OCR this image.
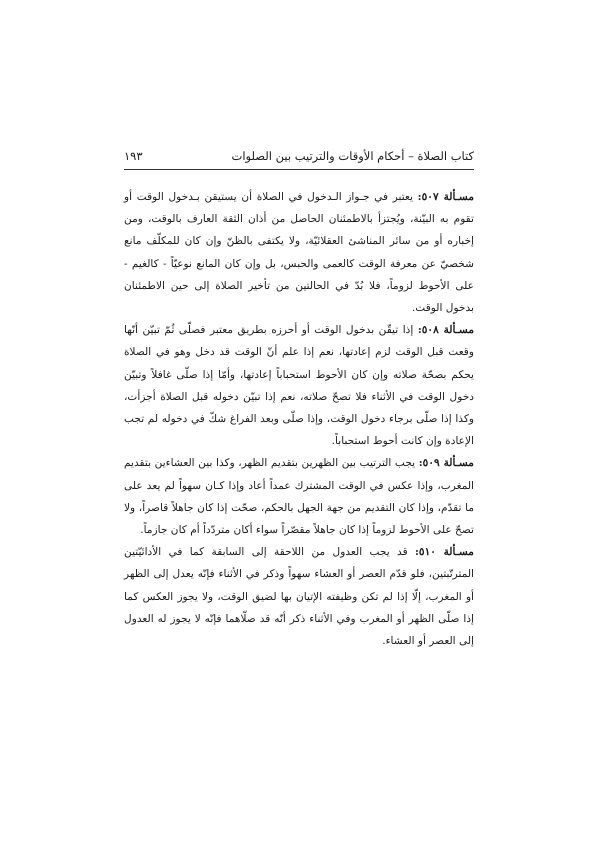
كتاب الصلاة – أحكام الأوقات والترتيب بين الصلوات
١٩٣

مسـألة ٥٠٧: يعتبر في جـواز الـدخول في الصلاة أن يستيقن بـدخول الوقت أو تقوم به البيّنة، ويُجتزأ بالاطمئنان الحاصل من أذان الثقة العارف بالوقت، ومن إخباره أو من سائر المناشئ العقلائيّة، ولا يكتفى بالظنّ وإن كان للمكلّف مانع شخصيّ عن معرفة الوقت كالعمى والحبس، بل وإن كان المانع نوعيّاً - كالغيم - على الأحوط لزوماً، فلا بُدّ في الحالتين من تأخير الصلاة إلى حين الاطمئنان بدخول الوقت.

مسـألة ٥٠٨: إذا تيقّن بدخول الوقت أو أحرزه بطريق معتبر فصلّى ثُمّ تبيّن أنّها وقعت قبل الوقت لزم إعادتها، نعم إذا علم أنّ الوقت قد دخل وهو في الصلاة يحكم بصحّة صلاته وإن كان الأحوط استحباباً إعادتها، وأمّا إذا صلّى غافلاً وتبيّن دخول الوقت في الأثناء فلا تصحّ صلاته، نعم إذا تبيّن دخوله قبل الصلاة أجزأت، وكذا إذا صلّى برجاء دخول الوقت، وإذا صلّى وبعد الفراغ شكّ في دخوله لم تجب الإعادة وإن كانت أحوط استحباباً.

مسـألة ٥٠٩: يجب الترتيب بين الظهرين بتقديم الظهر، وكذا بين العشاءين بتقديم المغرب، وإذا عكس في الوقت المشترك عمداً أعاد وإذا كـان سهواً لم يعد على ما تقدّم، وإذا كان التقديم من جهة الجهل بالحكم، صحّت إذا كان جاهلاً قاصراً، ولا تصحّ على الأحوط لزوماً إذا كان جاهلاً مقصّراً سواء أكان متردّداً أم كان جازماً.

مسـألة ٥١٠: قد يجب العدول من اللاحقة إلى السابقة كما في الأدائيّتين المترتّبتين، فلو قدّم العصر أو العشاء سهواً وذكر في الأثناء فإنّه يعدل إلى الظهر أو المغرب، إلّا إذا لم تكن وظيفته الإتيان بها لضيق الوقت، ولا يجوز العكس كما إذا صلّى الظهر أو المغرب وفي الأثناء ذكر أنّه قد صلّاهما فإنّه لا يجوز له العدول إلى العصر أو العشاء.
